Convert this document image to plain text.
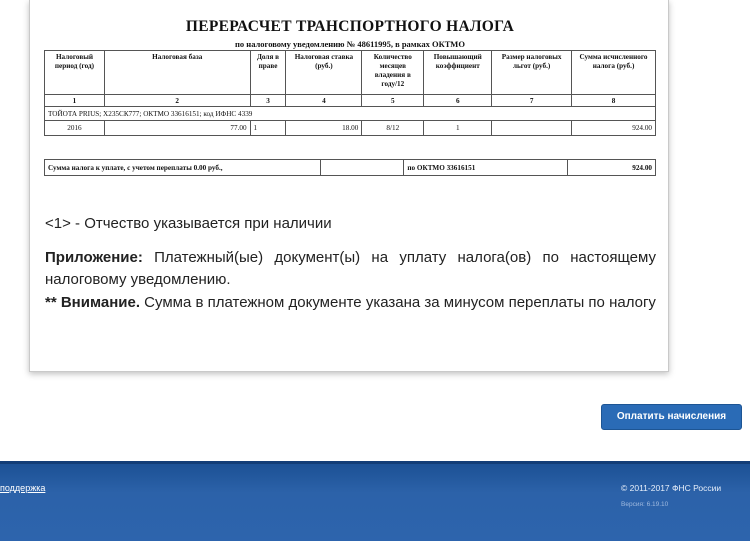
ПЕРЕРАСЧЕТ ТРАНСПОРТНОГО НАЛОГА
по налоговому уведомлению № 48611995, в рамках ОКТМО
Налоговый период (год)	Налоговая база	Доля в праве	Налоговая ставка (руб.)	Количество месяцев владения в году/12	Повышающий коэффициент	Размер налоговых льгот (руб.)	Сумма исчисленного налога (руб.)
1	2	3	4	5	6	7	8
ТОЙОТА PRIUS; Х235СК777; ОКТМО 33616151; код ИФНС 4339							
2016	77.00	1	18.00	8/12	1		924.00
Сумма налога к уплате, с учетом переплаты 0.00 руб.,		по ОКТМО 33616151	924.00
<1> - Отчество указывается при наличии
Приложение: Платежный(ые) документ(ы) на уплату налога(ов) по настоящему налоговому уведомлению.
** Внимание. Сумма в платежном документе указана за минусом переплаты по налогу
Оплатить начисления
поддержка	© 2011-2017 ФНС России
Версия: 6.19.10
